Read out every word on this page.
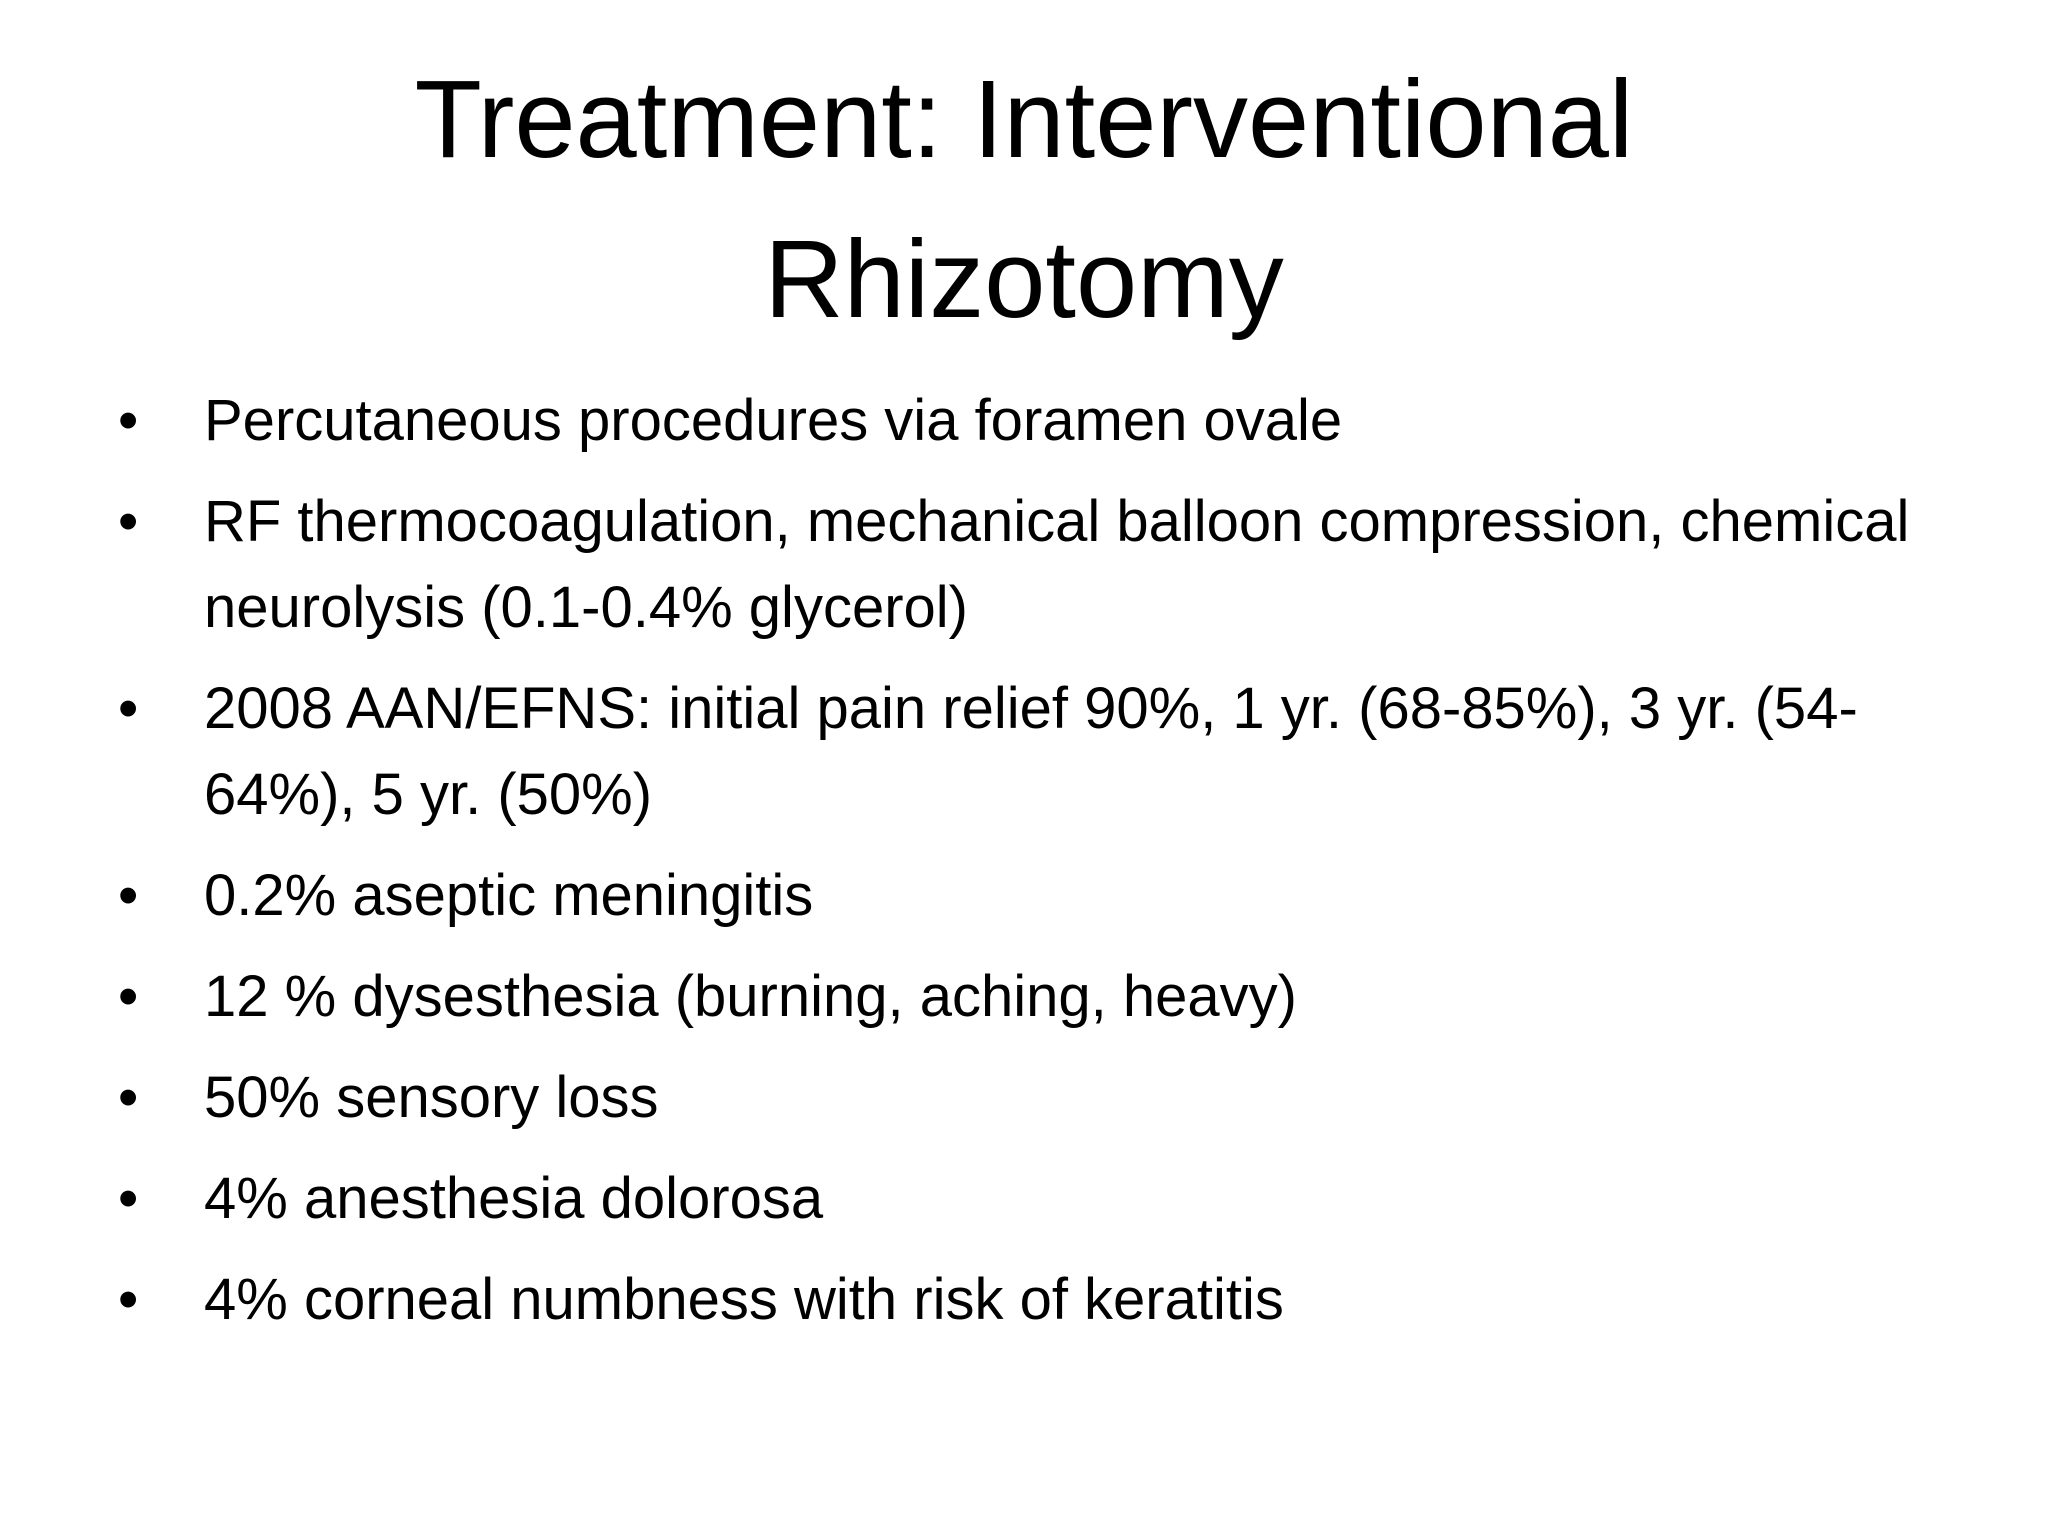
Treatment: Interventional
Rhizotomy
•	Percutaneous procedures via foramen ovale
•	RF thermocoagulation, mechanical balloon compression, chemical neurolysis (0.1-0.4% glycerol)
•	2008 AAN/EFNS: initial pain relief 90%, 1 yr. (68-85%), 3 yr. (54-64%), 5 yr. (50%)
•	0.2% aseptic meningitis
•	12 % dysesthesia (burning, aching, heavy)
•	50% sensory loss
•	4% anesthesia dolorosa
•	4% corneal numbness with risk of keratitis
